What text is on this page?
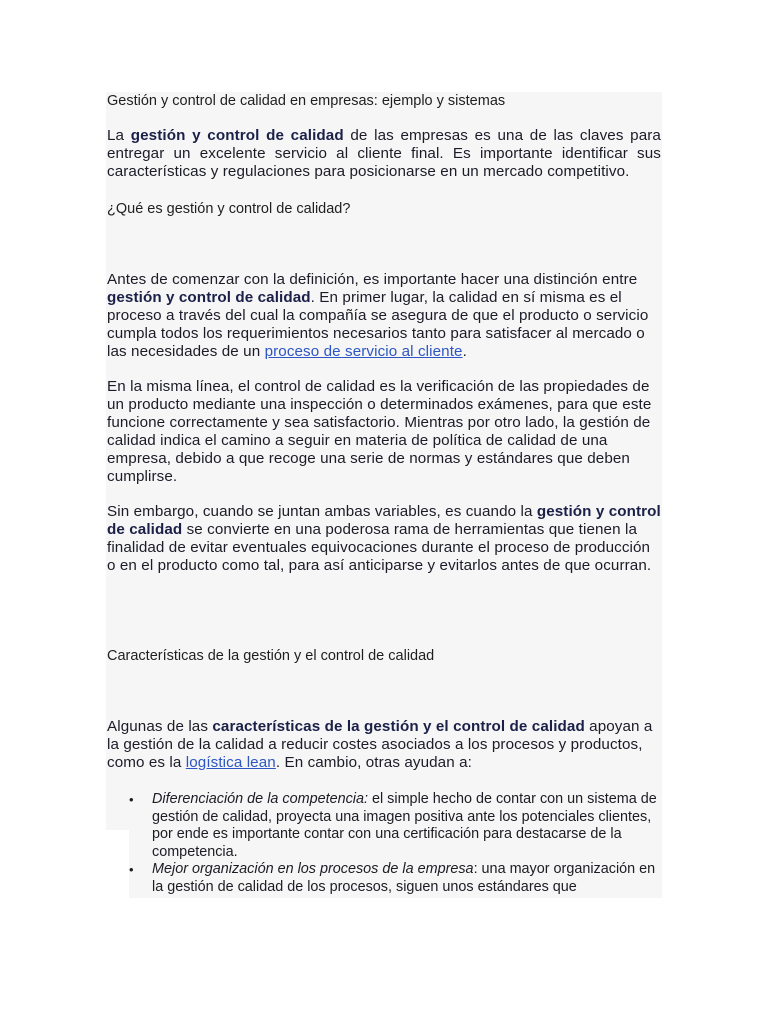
Gestión y control de calidad en empresas: ejemplo y sistemas

La gestión y control de calidad de las empresas es una de las claves para entregar un excelente servicio al cliente final. Es importante identificar sus características y regulaciones para posicionarse en un mercado competitivo.

¿Qué es gestión y control de calidad?

Antes de comenzar con la definición, es importante hacer una distinción entre gestión y control de calidad. En primer lugar, la calidad en sí misma es el proceso a través del cual la compañía se asegura de que el producto o servicio cumpla todos los requerimientos necesarios tanto para satisfacer al mercado o las necesidades de un proceso de servicio al cliente.

En la misma línea, el control de calidad es la verificación de las propiedades de un producto mediante una inspección o determinados exámenes, para que este funcione correctamente y sea satisfactorio. Mientras por otro lado, la gestión de calidad indica el camino a seguir en materia de política de calidad de una empresa, debido a que recoge una serie de normas y estándares que deben cumplirse.

Sin embargo, cuando se juntan ambas variables, es cuando la gestión y control de calidad se convierte en una poderosa rama de herramientas que tienen la finalidad de evitar eventuales equivocaciones durante el proceso de producción o en el producto como tal, para así anticiparse y evitarlos antes de que ocurran.

Características de la gestión y el control de calidad

Algunas de las características de la gestión y el control de calidad apoyan a la gestión de la calidad a reducir costes asociados a los procesos y productos, como es la logística lean. En cambio, otras ayudan a:

• Diferenciación de la competencia: el simple hecho de contar con un sistema de gestión de calidad, proyecta una imagen positiva ante los potenciales clientes, por ende es importante contar con una certificación para destacarse de la competencia.
• Mejor organización en los procesos de la empresa: una mayor organización en la gestión de calidad de los procesos, siguen unos estándares que
